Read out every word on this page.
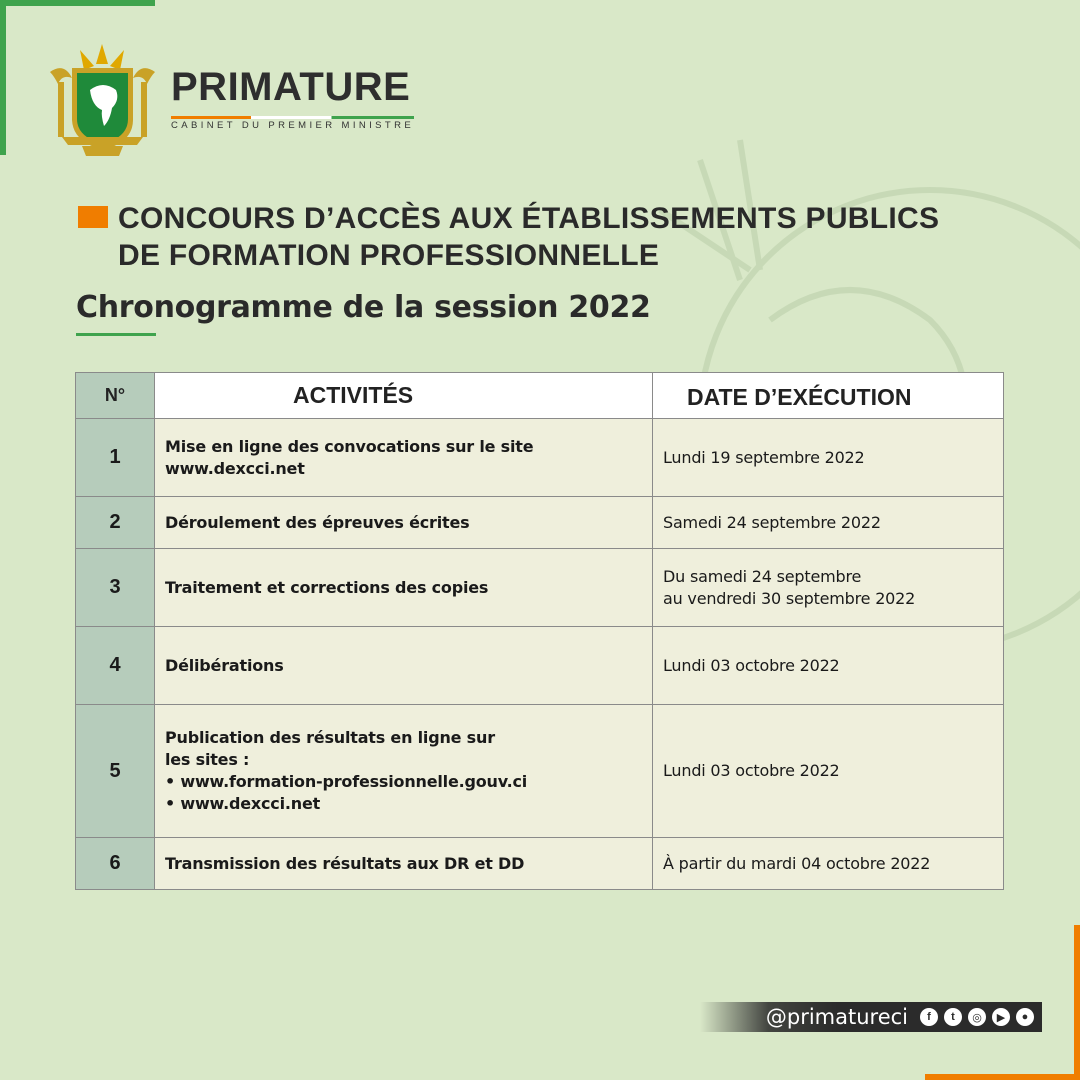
PRIMATURE
CABINET DU PREMIER MINISTRE
CONCOURS D’ACCÈS AUX ÉTABLISSEMENTS PUBLICS
DE FORMATION PROFESSIONNELLE
Chronogramme de la session 2022
N°	ACTIVITÉS	DATE D’EXÉCUTION
1	Mise en ligne des convocations sur le site
www.dexcci.net	Lundi 19 septembre 2022

2	Déroulement des épreuves écrites	Samedi 24 septembre 2022

3	Traitement et corrections des copies	Du samedi 24 septembre
au vendredi 30 septembre 2022

4	Délibérations	Lundi 03 octobre 2022

5	Publication des résultats en ligne sur
les sites :
• www.formation-professionnelle.gouv.ci
• www.dexcci.net	Lundi 03 octobre 2022

6	Transmission des résultats aux DR et DD	À partir du mardi 04 octobre 2022
@primatureci	f	t	◎	▶	●
